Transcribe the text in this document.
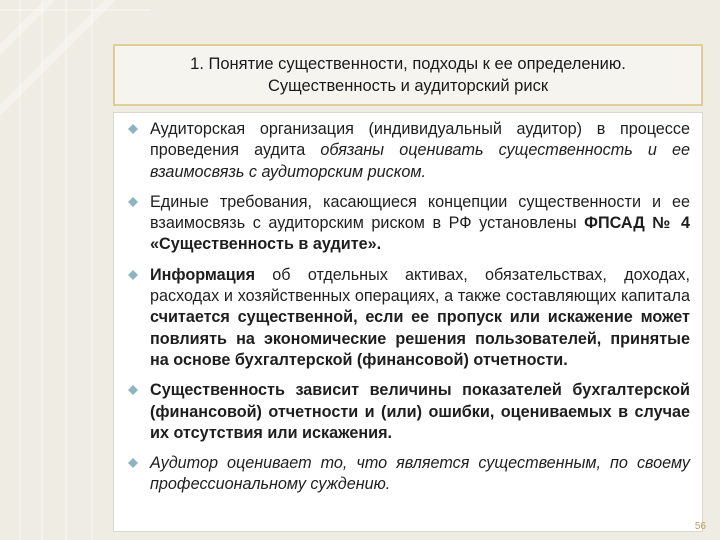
1. Понятие существенности, подходы к ее определению.
Существенность и аудиторский риск
Аудиторская организация (индивидуальный аудитор) в процессе проведения аудита обязаны оценивать существенность и ее взаимосвязь с аудиторским риском.
Единые требования, касающиеся концепции существенности и ее взаимосвязь с аудиторским риском в РФ установлены ФПСАД № 4 «Существенность в аудите».
Информация об отдельных активах, обязательствах, доходах, расходах и хозяйственных операциях, а также составляющих капитала считается существенной, если ее пропуск или искажение может повлиять на экономические решения пользователей, принятые на основе бухгалтерской (финансовой) отчетности.
Существенность зависит величины показателей бухгалтерской (финансовой) отчетности и (или) ошибки, оцениваемых в случае их отсутствия или искажения.
Аудитор оценивает то, что является существенным, по своему профессиональному суждению.
56
